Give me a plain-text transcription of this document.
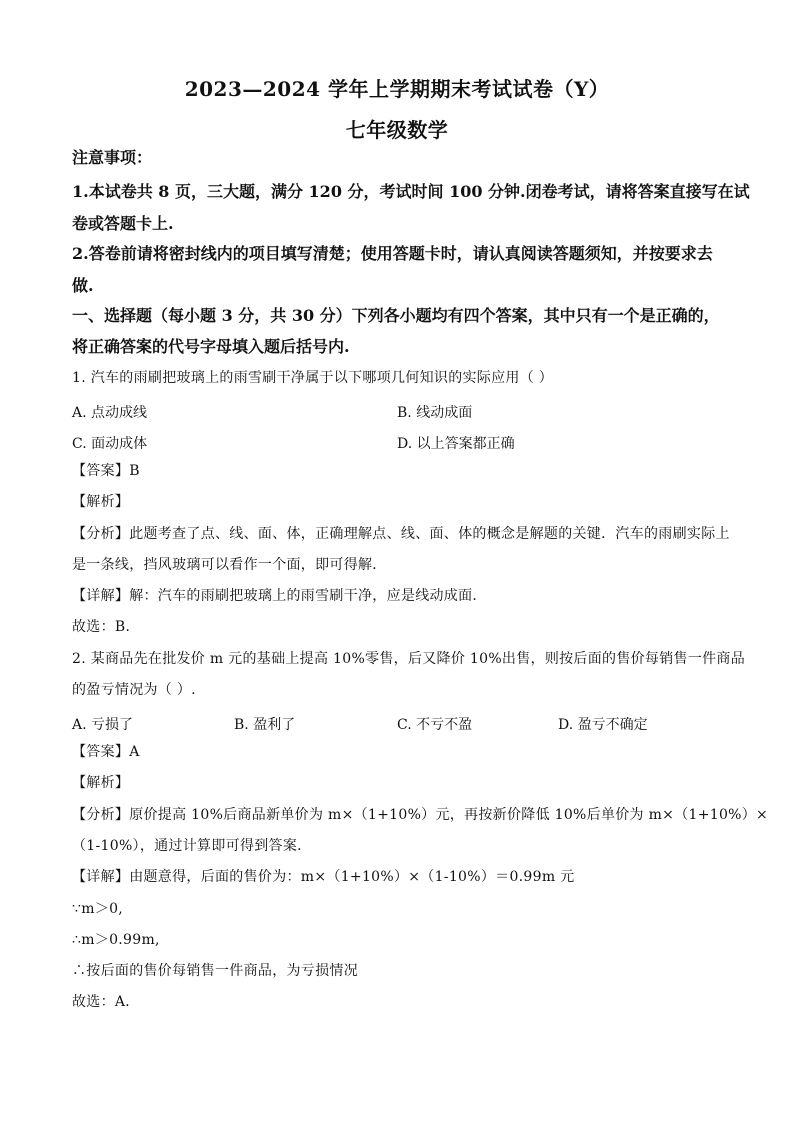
2023—2024 学年上学期期末考试试卷（Y）
七年级数学
注意事项：
1.本试卷共 8 页，三大题，满分 120 分，考试时间 100 分钟.闭卷考试，请将答案直接写在试
卷或答题卡上.
2.答卷前请将密封线内的项目填写清楚；使用答题卡时，请认真阅读答题须知，并按要求去
做.
一、选择题（每小题 3 分，共 30 分）下列各小题均有四个答案，其中只有一个是正确的，
将正确答案的代号字母填入题后括号内.
1. 汽车的雨刷把玻璃上的雨雪刷干净属于以下哪项几何知识的实际应用（ ）
A. 点动成线	B. 线动成面
C. 面动成体	D. 以上答案都正确
【答案】B
【解析】
【分析】此题考查了点、线、面、体，正确理解点、线、面、体的概念是解题的关键．汽车的雨刷实际上
是一条线，挡风玻璃可以看作一个面，即可得解．
【详解】解：汽车的雨刷把玻璃上的雨雪刷干净，应是线动成面．
故选：B．
2. 某商品先在批发价 m 元的基础上提高 10%零售，后又降价 10%出售，则按后面的售价每销售一件商品
的盈亏情况为（ ）.
A. 亏损了	B. 盈利了	C. 不亏不盈	D. 盈亏不确定
【答案】A
【解析】
【分析】原价提高 10%后商品新单价为 m×（1+10%）元，再按新价降低 10%后单价为 m×（1+10%）×
（1-10%），通过计算即可得到答案．
【详解】由题意得，后面的售价为：m×（1+10%）×（1-10%）＝0.99m 元
∵m＞0,
∴m＞0.99m,
∴按后面的售价每销售一件商品，为亏损情况
故选：A．
